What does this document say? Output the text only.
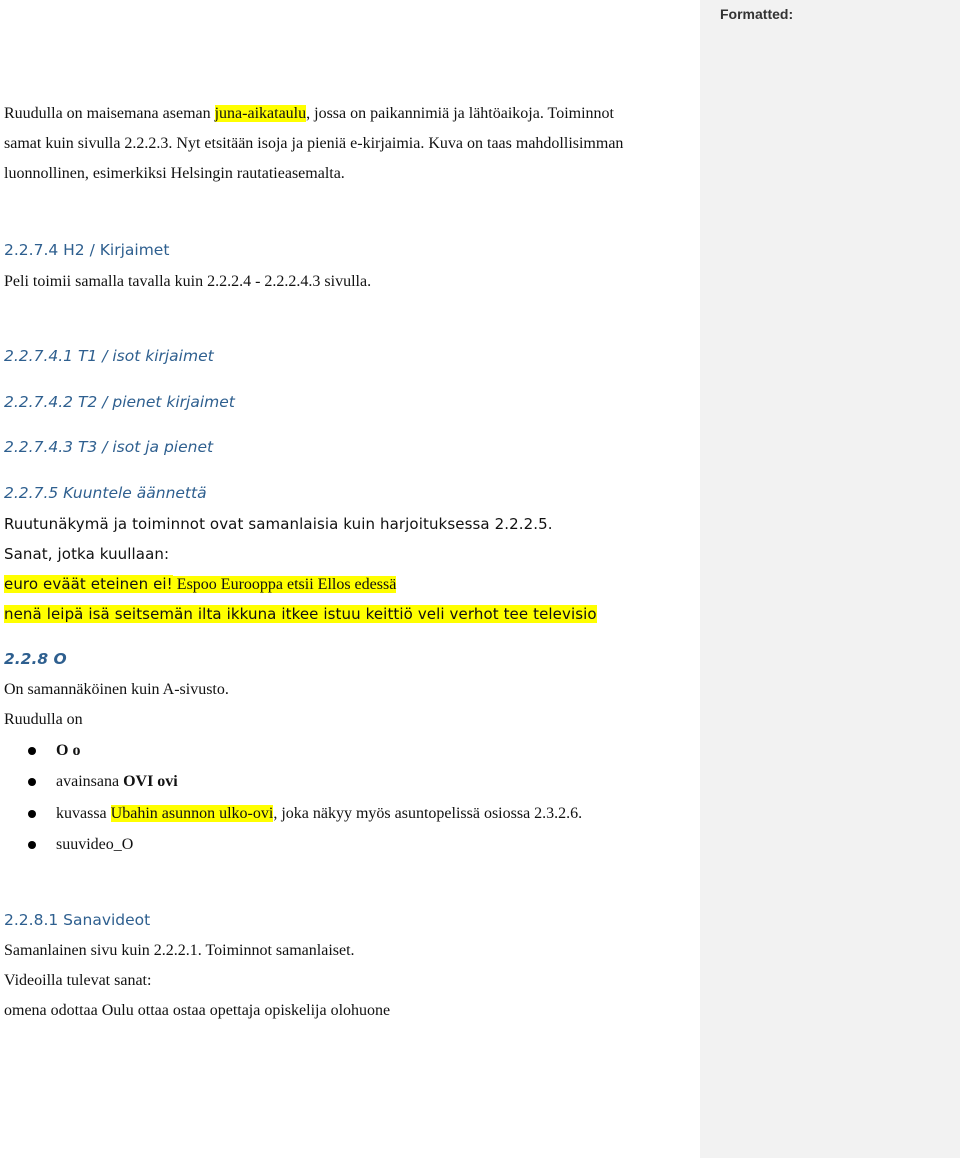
Formatted:
Ruudulla on maisemana aseman juna-aikataulu, jossa on paikannimiä ja lähtöaikoja. Toiminnot
samat kuin sivulla 2.2.2.3. Nyt etsitään isoja ja pieniä e-kirjaimia. Kuva on taas mahdollisimman
luonnollinen, esimerkiksi Helsingin rautatieasemalta.
2.2.7.4 H2 / Kirjaimet
Peli toimii samalla tavalla kuin 2.2.2.4 - 2.2.2.4.3 sivulla.
2.2.7.4.1 T1 / isot kirjaimet
2.2.7.4.2 T2 / pienet kirjaimet
2.2.7.4.3 T3 / isot ja pienet
2.2.7.5 Kuuntele äännettä
Ruutunäkymä ja toiminnot ovat samanlaisia kuin harjoituksessa 2.2.2.5.
Sanat, jotka kuullaan:
euro eväät eteinen ei! Espoo Eurooppa etsii Ellos edessä
nenä leipä isä seitsemän ilta ikkuna itkee istuu keittiö veli verhot tee televisio
2.2.8 O
On samannäköinen kuin A-sivusto.
Ruudulla on
O o
avainsana OVI ovi
kuvassa Ubahin asunnon ulko-ovi, joka näkyy myös asuntopelissä osiossa 2.3.2.6.
suuvideo_O
2.2.8.1 Sanavideot
Samanlainen sivu kuin 2.2.2.1. Toiminnot samanlaiset.
Videoilla tulevat sanat:
omena odottaa Oulu ottaa ostaa opettaja opiskelija olohuone
